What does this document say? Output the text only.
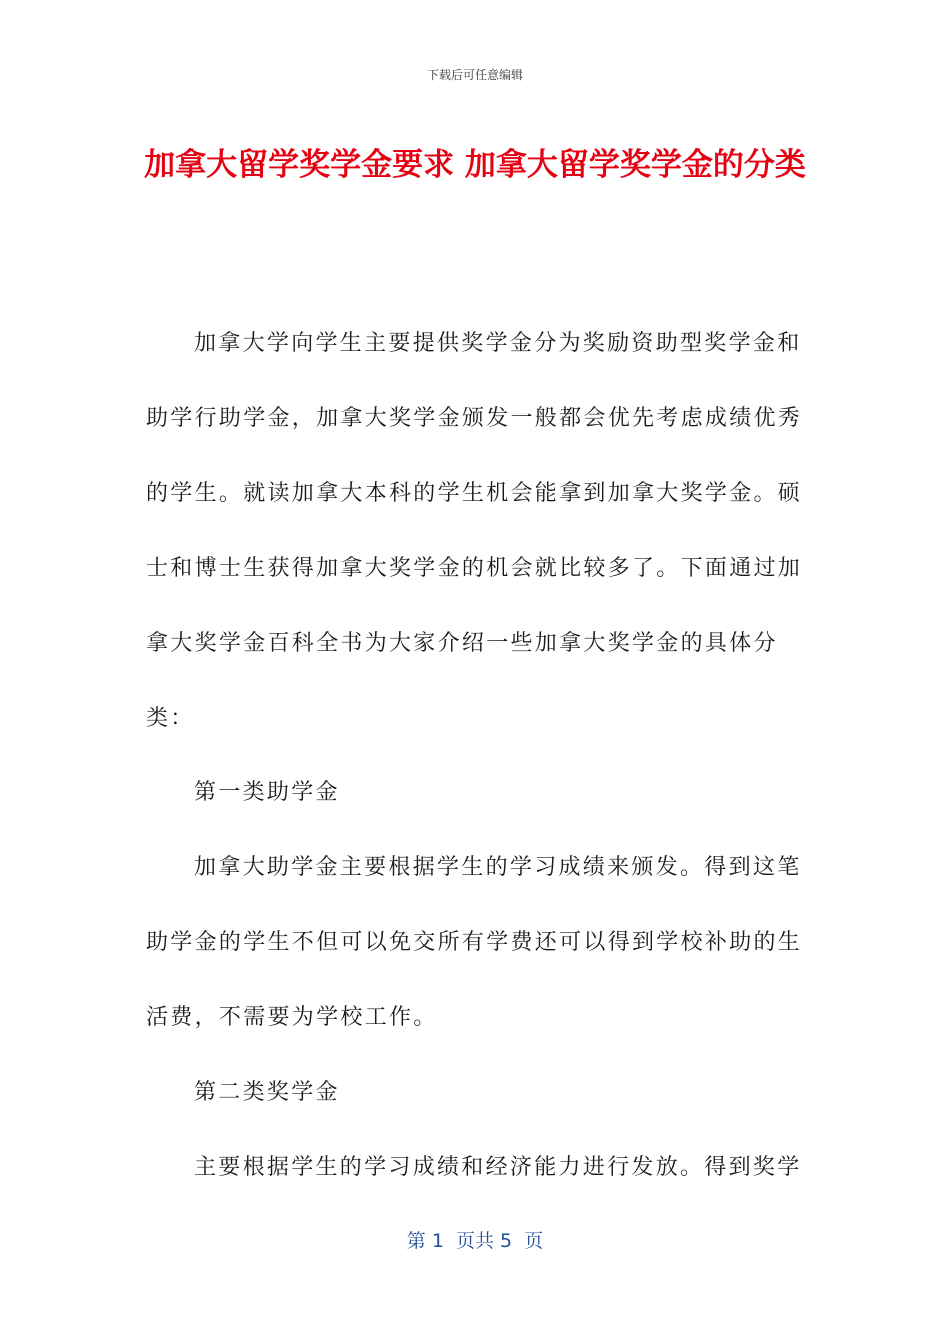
下载后可任意编辑
加拿大留学奖学金要求 加拿大留学奖学金的分类

加拿大学向学生主要提供奖学金分为奖励资助型奖学金和助学行助学金，加拿大奖学金颁发一般都会优先考虑成绩优秀的学生。就读加拿大本科的学生机会能拿到加拿大奖学金。硕士和博士生获得加拿大奖学金的机会就比较多了。下面通过加拿大奖学金百科全书为大家介绍一些加拿大奖学金的具体分类：

第一类助学金

加拿大助学金主要根据学生的学习成绩来颁发。得到这笔助学金的学生不但可以免交所有学费还可以得到学校补助的生活费，不需要为学校工作。

第二类奖学金

主要根据学生的学习成绩和经济能力进行发放。得到奖学

第 1  页共 5  页
